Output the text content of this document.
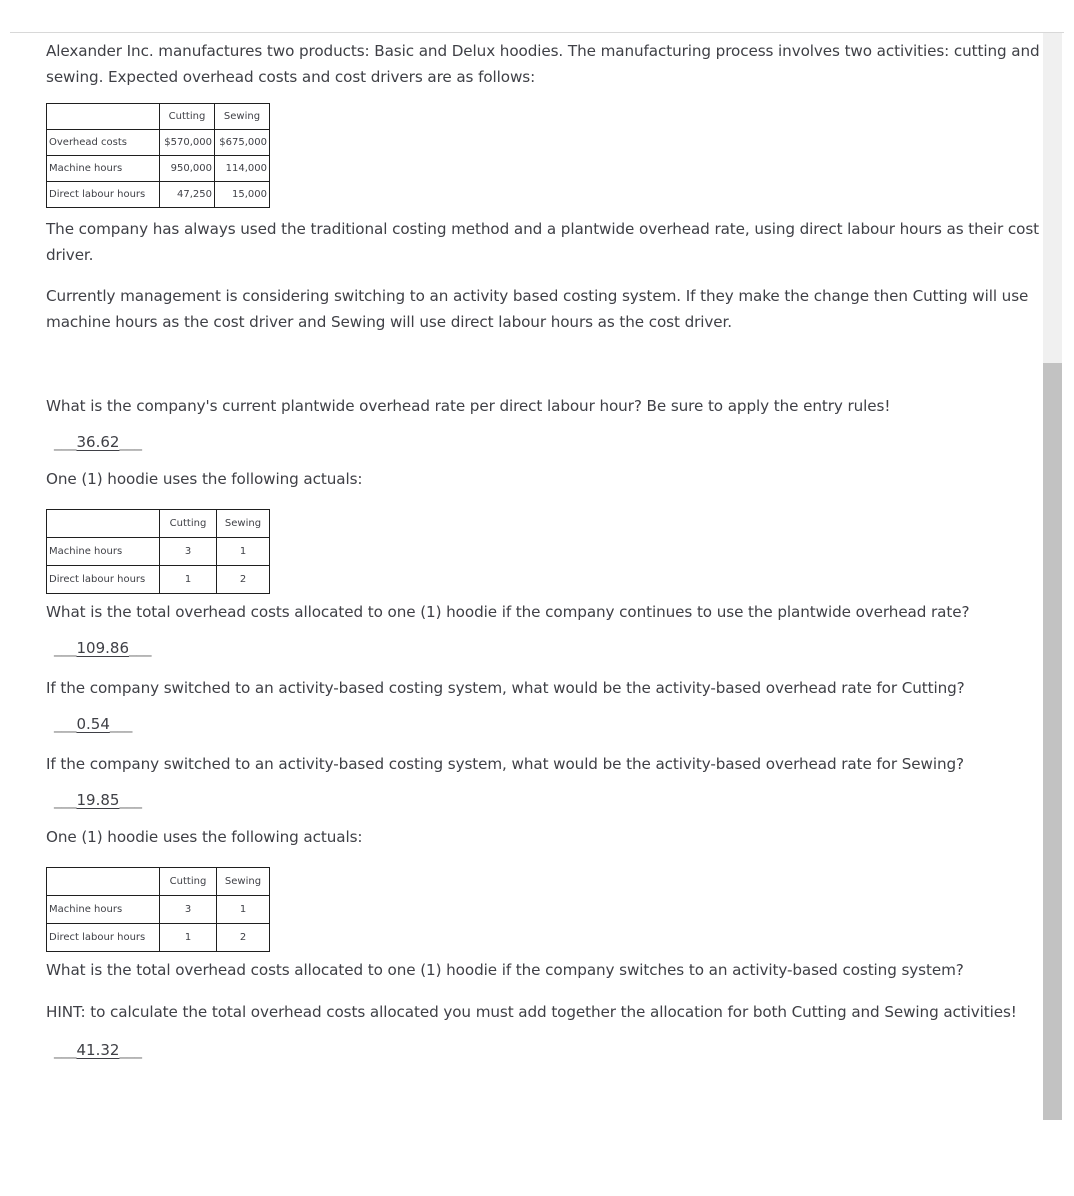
Alexander Inc. manufactures two products: Basic and Delux hoodies. The manufacturing process involves two activities: cutting and sewing. Expected overhead costs and cost drivers are as follows:

	Cutting	Sewing
Overhead costs	$570,000	$675,000
Machine hours	950,000	114,000
Direct labour hours	47,250	15,000

The company has always used the traditional costing method and a plantwide overhead rate, using direct labour hours as their cost driver.

Currently management is considering switching to an activity based costing system. If they make the change then Cutting will use machine hours as the cost driver and Sewing will use direct labour hours as the cost driver.

What is the company's current plantwide overhead rate per direct labour hour? Be sure to apply the entry rules!

___36.62___

One (1) hoodie uses the following actuals:

	Cutting	Sewing
Machine hours	3	1
Direct labour hours	1	2

What is the total overhead costs allocated to one (1) hoodie if the company continues to use the plantwide overhead rate?

___109.86___

If the company switched to an activity-based costing system, what would be the activity-based overhead rate for Cutting?

___0.54___

If the company switched to an activity-based costing system, what would be the activity-based overhead rate for Sewing?

___19.85___

One (1) hoodie uses the following actuals:

	Cutting	Sewing
Machine hours	3	1
Direct labour hours	1	2

What is the total overhead costs allocated to one (1) hoodie if the company switches to an activity-based costing system?

HINT: to calculate the total overhead costs allocated you must add together the allocation for both Cutting and Sewing activities!

___41.32___
